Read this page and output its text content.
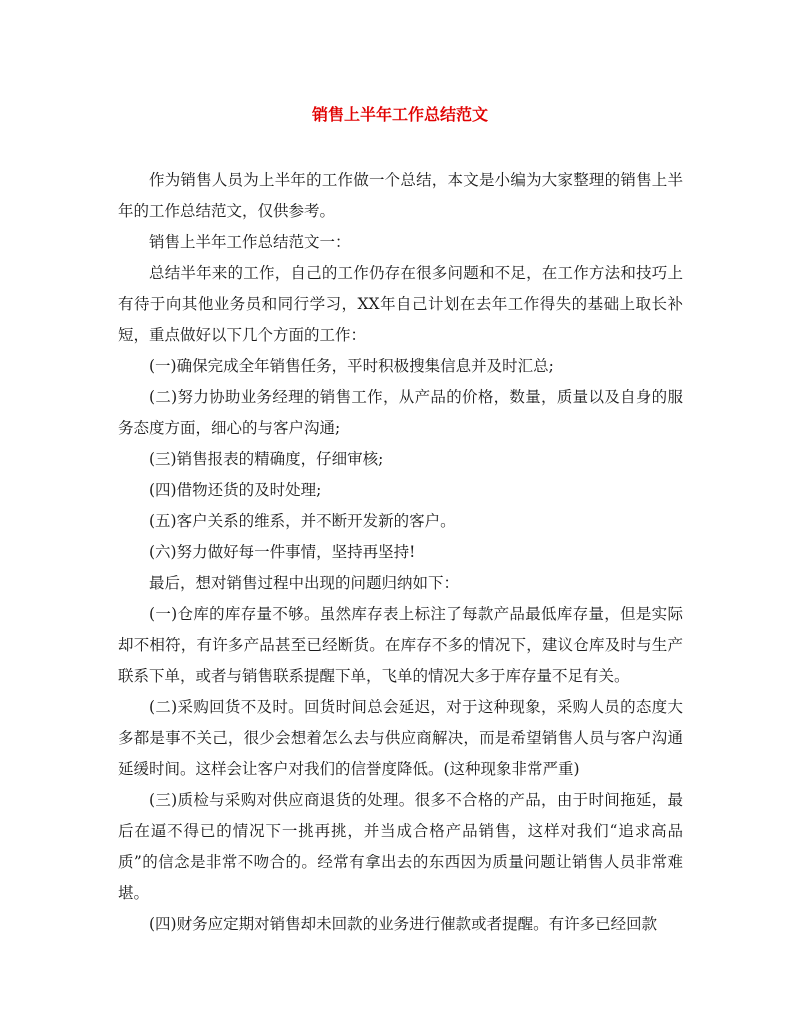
销售上半年工作总结范文

作为销售人员为上半年的工作做一个总结，本文是小编为大家整理的销售上半年的工作总结范文，仅供参考。

销售上半年工作总结范文一：

总结半年来的工作，自己的工作仍存在很多问题和不足，在工作方法和技巧上有待于向其他业务员和同行学习，XX年自己计划在去年工作得失的基础上取长补短，重点做好以下几个方面的工作：

(一)确保完成全年销售任务，平时积极搜集信息并及时汇总;

(二)努力协助业务经理的销售工作，从产品的价格，数量，质量以及自身的服务态度方面，细心的与客户沟通;

(三)销售报表的精确度，仔细审核;

(四)借物还货的及时处理;

(五)客户关系的维系，并不断开发新的客户。

(六)努力做好每一件事情，坚持再坚持!

最后，想对销售过程中出现的问题归纳如下：

(一)仓库的库存量不够。虽然库存表上标注了每款产品最低库存量，但是实际却不相符，有许多产品甚至已经断货。在库存不多的情况下，建议仓库及时与生产联系下单，或者与销售联系提醒下单，飞单的情况大多于库存量不足有关。

(二)采购回货不及时。回货时间总会延迟，对于这种现象，采购人员的态度大多都是事不关己，很少会想着怎么去与供应商解决，而是希望销售人员与客户沟通延缓时间。这样会让客户对我们的信誉度降低。(这种现象非常严重)

(三)质检与采购对供应商退货的处理。很多不合格的产品，由于时间拖延，最后在逼不得已的情况下一挑再挑，并当成合格产品销售，这样对我们“追求高品质”的信念是非常不吻合的。经常有拿出去的东西因为质量问题让销售人员非常难堪。

(四)财务应定期对销售却未回款的业务进行催款或者提醒。有许多已经回款
